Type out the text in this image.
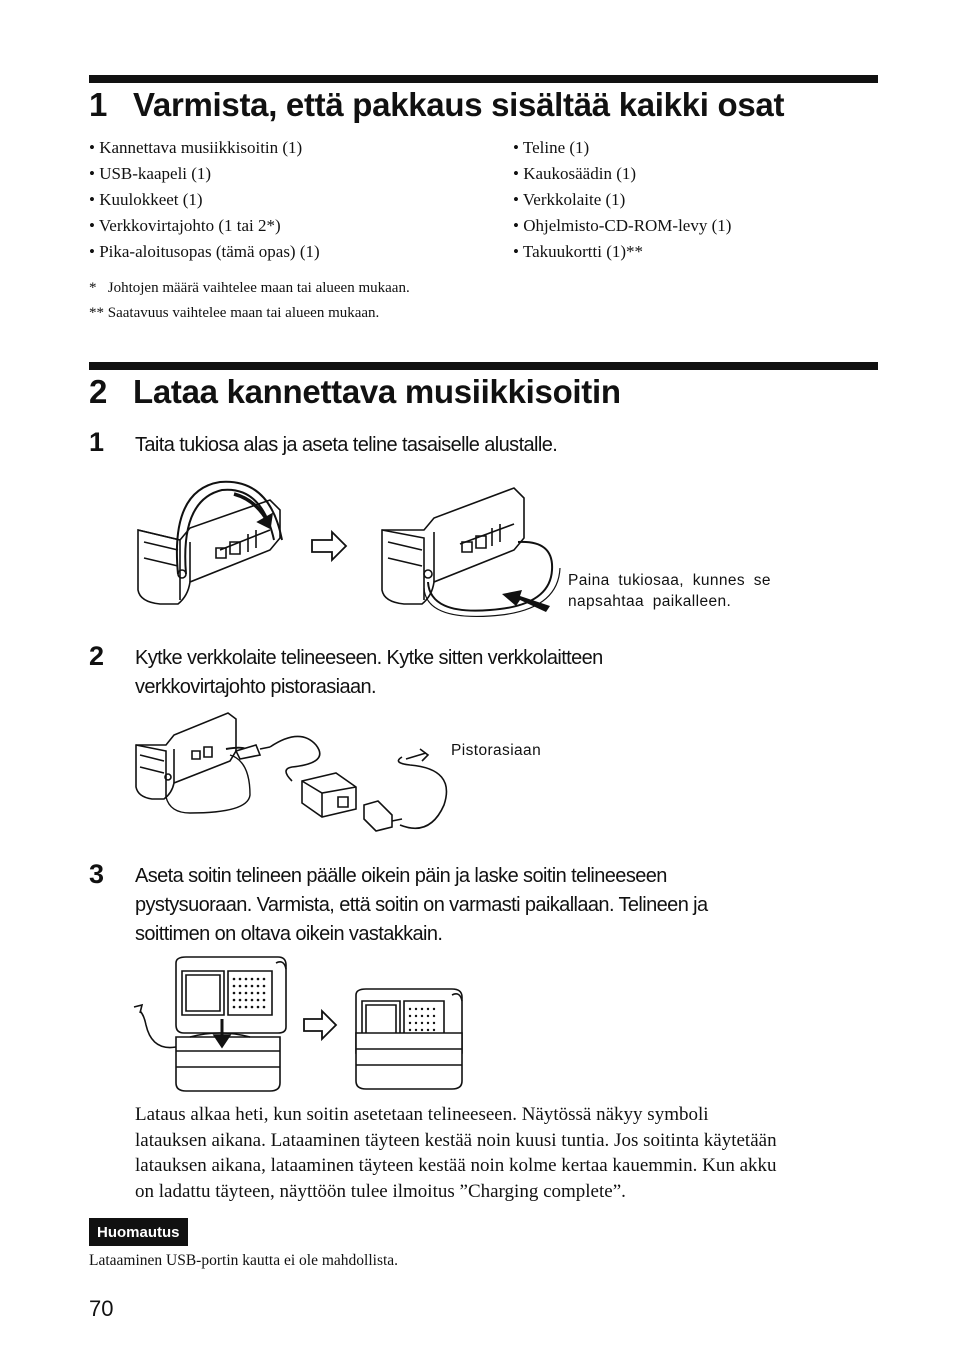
1 Varmista, että pakkaus sisältää kaikki osat
• Kannettava musiikkisoitin (1)
• USB-kaapeli (1)
• Kuulokkeet (1)
• Verkkovirtajohto (1 tai 2*)
• Pika-aloitusopas (tämä opas) (1)
• Teline (1)
• Kaukosäädin (1)
• Verkkolaite (1)
• Ohjelmisto-CD-ROM-levy (1)
• Takuukortti (1)**
*   Johtojen määrä vaihtelee maan tai alueen mukaan.
** Saatavuus vaihtelee maan tai alueen mukaan.
2 Lataa kannettava musiikkisoitin
1 Taita tukiosa alas ja aseta teline tasaiselle alustalle.
Paina tukiosaa, kunnes se
napsahtaa paikalleen.
2 Kytke verkkolaite telineeseen. Kytke sitten verkkolaitteen
verkkovirtajohto pistorasiaan.
Pistorasiaan
3 Aseta soitin telineen päälle oikein päin ja laske soitin telineeseen
pystysuoraan. Varmista, että soitin on varmasti paikallaan. Telineen ja
soittimen on oltava oikein vastakkain.
Lataus alkaa heti, kun soitin asetetaan telineeseen. Näytössä näkyy symboli
latauksen aikana. Lataaminen täyteen kestää noin kuusi tuntia. Jos soitinta käytetään
latauksen aikana, lataaminen täyteen kestää noin kolme kertaa kauemmin. Kun akku
on ladattu täyteen, näyttöön tulee ilmoitus ”Charging complete”.
Huomautus
Lataaminen USB-portin kautta ei ole mahdollista.
70
